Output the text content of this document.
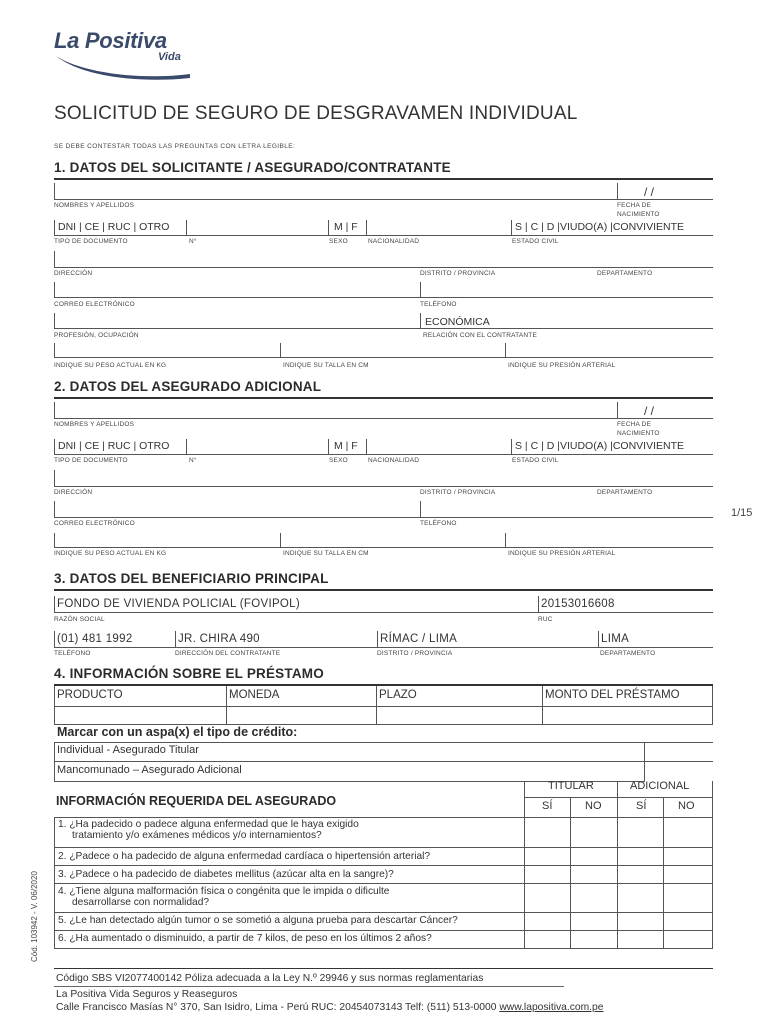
La Positiva
Vida
SOLICITUD DE SEGURO DE DESGRAVAMEN INDIVIDUAL
SE DEBE CONTESTAR TODAS LAS PREGUNTAS CON LETRA LEGIBLE:
1. DATOS DEL SOLICITANTE / ASEGURADO/CONTRATANTE
/ /
NOMBRES Y APELLIDOS	FECHA DE
NACIMIENTO
DNI | CE | RUC | OTRO	M | F	S | C | D |VIUDO(A) |CONVIVIENTE
TIPO DE DOCUMENTO	N°	SEXO	NACIONALIDAD	ESTADO CIVIL
DIRECCIÓN	DISTRITO / PROVINCIA	DEPARTAMENTO
CORREO ELECTRÓNICO	TELÉFONO
ECONÓMICA
PROFESIÓN, OCUPACIÓN	RELACIÓN CON EL CONTRATANTE
INDIQUE SU PESO ACTUAL EN KG	INDIQUE SU TALLA EN CM	INDIQUE SU PRESIÓN ARTERIAL
2. DATOS DEL ASEGURADO ADICIONAL
/ /
NOMBRES Y APELLIDOS	FECHA DE
NACIMIENTO
DNI | CE | RUC | OTRO	M | F	S | C | D |VIUDO(A) |CONVIVIENTE
TIPO DE DOCUMENTO	N°	SEXO	NACIONALIDAD	ESTADO CIVIL
DIRECCIÓN	DISTRITO / PROVINCIA	DEPARTAMENTO
CORREO ELECTRÓNICO	TELÉFONO
1/15
INDIQUE SU PESO ACTUAL EN KG	INDIQUE SU TALLA EN CM	INDIQUE SU PRESIÓN ARTERIAL
3. DATOS DEL BENEFICIARIO PRINCIPAL
FONDO DE VIVIENDA POLICIAL (FOVIPOL)	20153016608
RAZÓN SOCIAL	RUC
(01) 481 1992	JR. CHIRA 490	RÍMAC / LIMA	LIMA
TELÉFONO	DIRECCIÓN DEL CONTRATANTE	DISTRITO / PROVINCIA	DEPARTAMENTO
4. INFORMACIÓN SOBRE EL PRÉSTAMO
PRODUCTO	MONEDA	PLAZO	MONTO DEL PRÉSTAMO
Marcar con un aspa(x) el tipo de crédito:
Individual - Asegurado Titular
Mancomunado – Asegurado Adicional
INFORMACIÓN REQUERIDA DEL ASEGURADO
TITULAR	ADICIONAL
SÍ	NO	SÍ	NO
1. ¿Ha padecido o padece alguna enfermedad que le haya exigido
tratamiento y/o exámenes médicos y/o internamientos?
2. ¿Padece o ha padecido de alguna enfermedad cardíaca o hipertensión arterial?
3. ¿Padece o ha padecido de diabetes mellitus (azúcar alta en la sangre)?
4. ¿Tiene alguna malformación física o congénita que le impida o dificulte
desarrollarse con normalidad?
5. ¿Le han detectado algún tumor o se sometió a alguna prueba para descartar Cáncer?
6. ¿Ha aumentado o disminuido, a partir de 7 kilos, de peso en los últimos 2 años?
Cód. 103942 - V. 06/2020
Código SBS VI2077400142 Póliza adecuada a la Ley N.º 29946 y sus normas reglamentarias
La Positiva Vida Seguros y Reaseguros
Calle Francisco Masías N° 370, San Isidro, Lima - Perú RUC: 20454073143 Telf: (511) 513-0000 www.lapositiva.com.pe
